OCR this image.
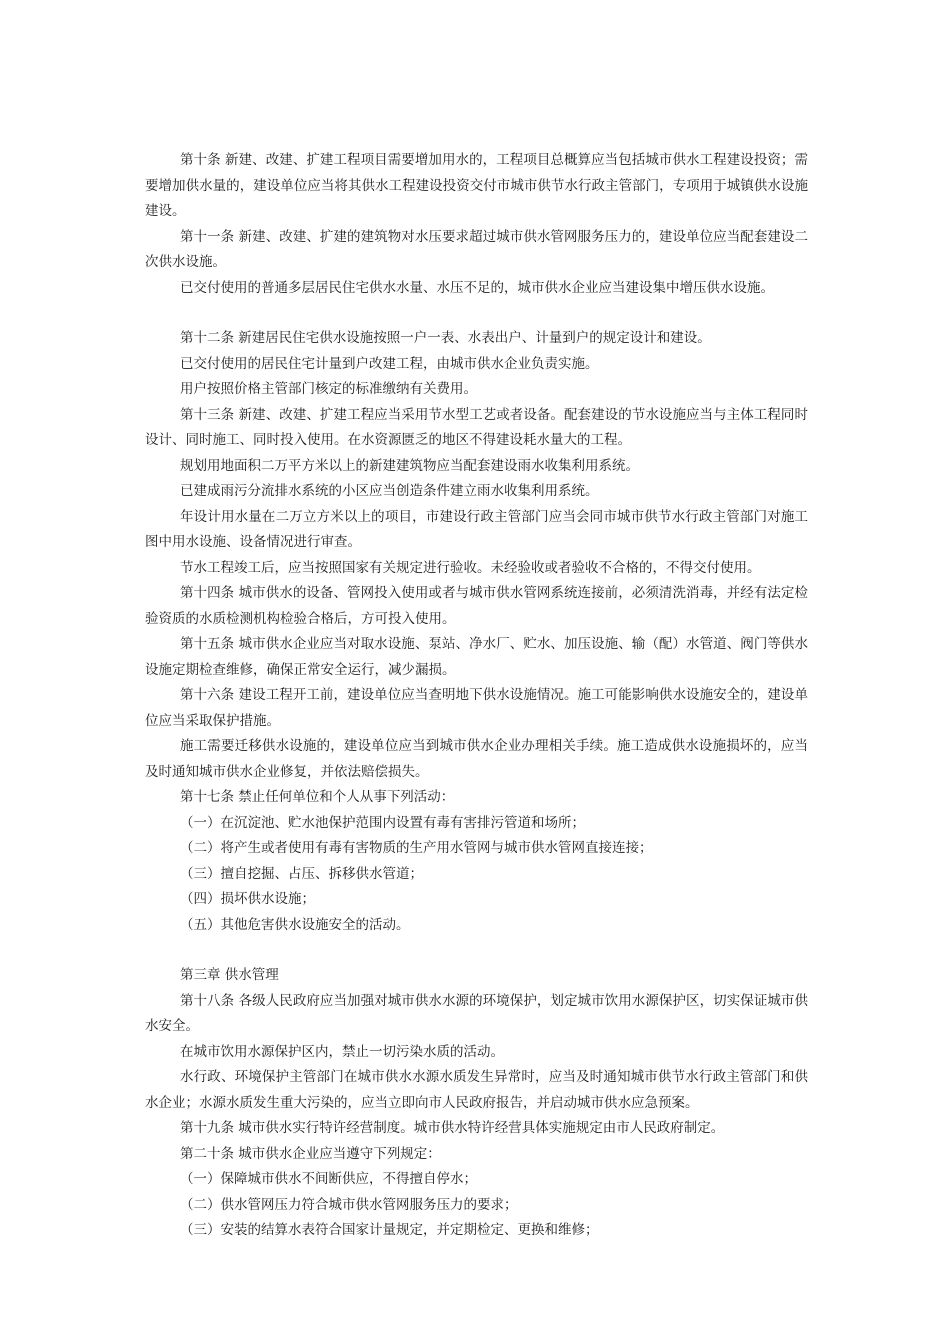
第十条 新建、改建、扩建工程项目需要增加用水的，工程项目总概算应当包括城市供水工程建设投资；需要增加供水量的，建设单位应当将其供水工程建设投资交付市城市供节水行政主管部门，专项用于城镇供水设施建设。

第十一条 新建、改建、扩建的建筑物对水压要求超过城市供水管网服务压力的，建设单位应当配套建设二次供水设施。

已交付使用的普通多层居民住宅供水水量、水压不足的，城市供水企业应当建设集中增压供水设施。

第十二条 新建居民住宅供水设施按照一户一表、水表出户、计量到户的规定设计和建设。

已交付使用的居民住宅计量到户改建工程，由城市供水企业负责实施。

用户按照价格主管部门核定的标准缴纳有关费用。

第十三条 新建、改建、扩建工程应当采用节水型工艺或者设备。配套建设的节水设施应当与主体工程同时设计、同时施工、同时投入使用。在水资源匮乏的地区不得建设耗水量大的工程。

规划用地面积二万平方米以上的新建建筑物应当配套建设雨水收集利用系统。

已建成雨污分流排水系统的小区应当创造条件建立雨水收集利用系统。

年设计用水量在二万立方米以上的项目，市建设行政主管部门应当会同市城市供节水行政主管部门对施工图中用水设施、设备情况进行审查。

节水工程竣工后，应当按照国家有关规定进行验收。未经验收或者验收不合格的，不得交付使用。

第十四条 城市供水的设备、管网投入使用或者与城市供水管网系统连接前，必须清洗消毒，并经有法定检验资质的水质检测机构检验合格后，方可投入使用。

第十五条 城市供水企业应当对取水设施、泵站、净水厂、贮水、加压设施、输（配）水管道、阀门等供水设施定期检查维修，确保正常安全运行，减少漏损。

第十六条 建设工程开工前，建设单位应当查明地下供水设施情况。施工可能影响供水设施安全的，建设单位应当采取保护措施。

施工需要迁移供水设施的，建设单位应当到城市供水企业办理相关手续。施工造成供水设施损坏的，应当及时通知城市供水企业修复，并依法赔偿损失。

第十七条 禁止任何单位和个人从事下列活动：

（一）在沉淀池、贮水池保护范围内设置有毒有害排污管道和场所；

（二）将产生或者使用有毒有害物质的生产用水管网与城市供水管网直接连接；

（三）擅自挖掘、占压、拆移供水管道；

（四）损坏供水设施；

（五）其他危害供水设施安全的活动。

第三章 供水管理

第十八条 各级人民政府应当加强对城市供水水源的环境保护，划定城市饮用水源保护区，切实保证城市供水安全。

在城市饮用水源保护区内，禁止一切污染水质的活动。

水行政、环境保护主管部门在城市供水水源水质发生异常时，应当及时通知城市供节水行政主管部门和供水企业；水源水质发生重大污染的，应当立即向市人民政府报告，并启动城市供水应急预案。

第十九条 城市供水实行特许经营制度。城市供水特许经营具体实施规定由市人民政府制定。

第二十条 城市供水企业应当遵守下列规定：

（一）保障城市供水不间断供应，不得擅自停水；

（二）供水管网压力符合城市供水管网服务压力的要求；

（三）安装的结算水表符合国家计量规定，并定期检定、更换和维修；
